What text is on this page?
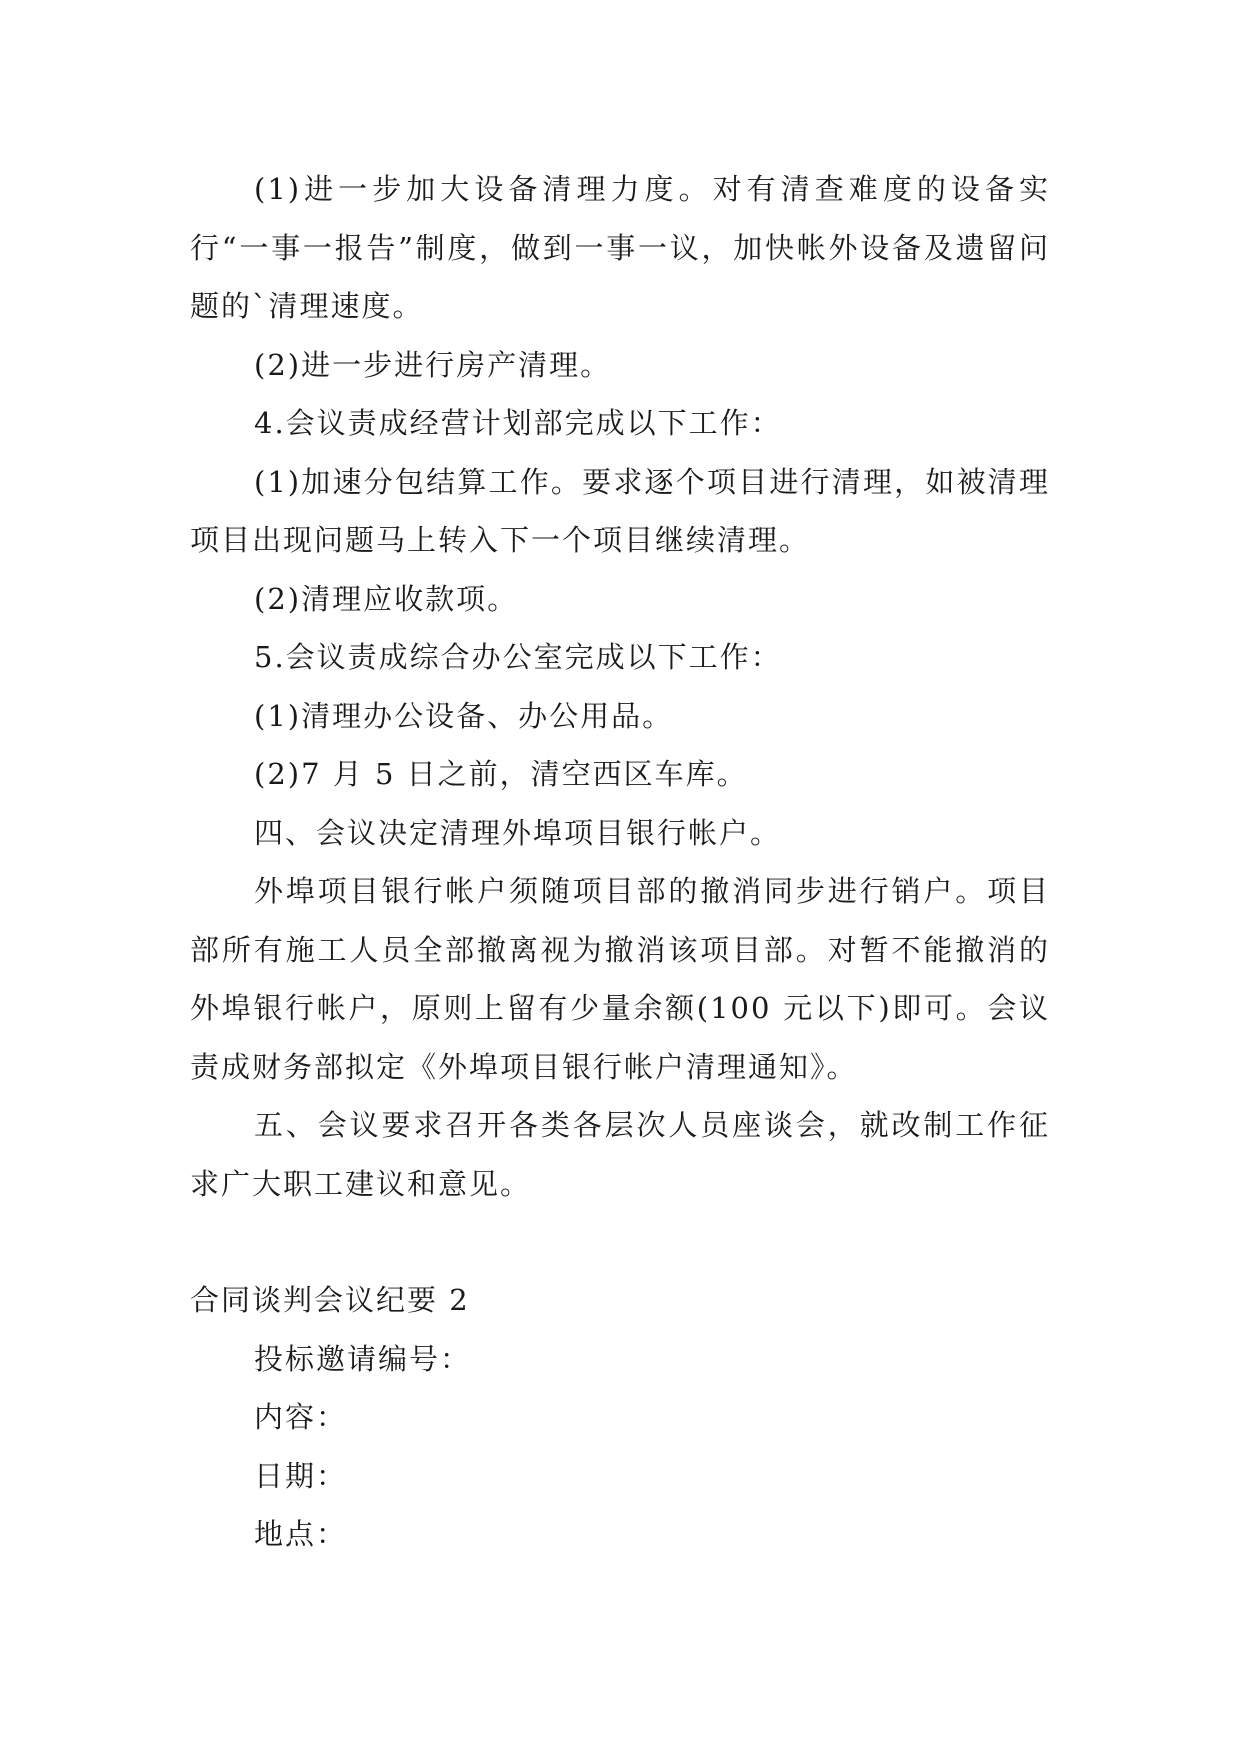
(1)进一步加大设备清理力度。对有清查难度的设备实行“一事一报告”制度，做到一事一议，加快帐外设备及遗留问题的`清理速度。

(2)进一步进行房产清理。

4.会议责成经营计划部完成以下工作：

(1)加速分包结算工作。要求逐个项目进行清理，如被清理项目出现问题马上转入下一个项目继续清理。

(2)清理应收款项。

5.会议责成综合办公室完成以下工作：

(1)清理办公设备、办公用品。

(2)7 月 5 日之前，清空西区车库。

四、会议决定清理外埠项目银行帐户。

外埠项目银行帐户须随项目部的撤消同步进行销户。项目部所有施工人员全部撤离视为撤消该项目部。对暂不能撤消的外埠银行帐户，原则上留有少量余额(100 元以下)即可。会议责成财务部拟定《外埠项目银行帐户清理通知》。

五、会议要求召开各类各层次人员座谈会，就改制工作征求广大职工建议和意见。

合同谈判会议纪要 2

投标邀请编号：

内容：

日期：

地点：
